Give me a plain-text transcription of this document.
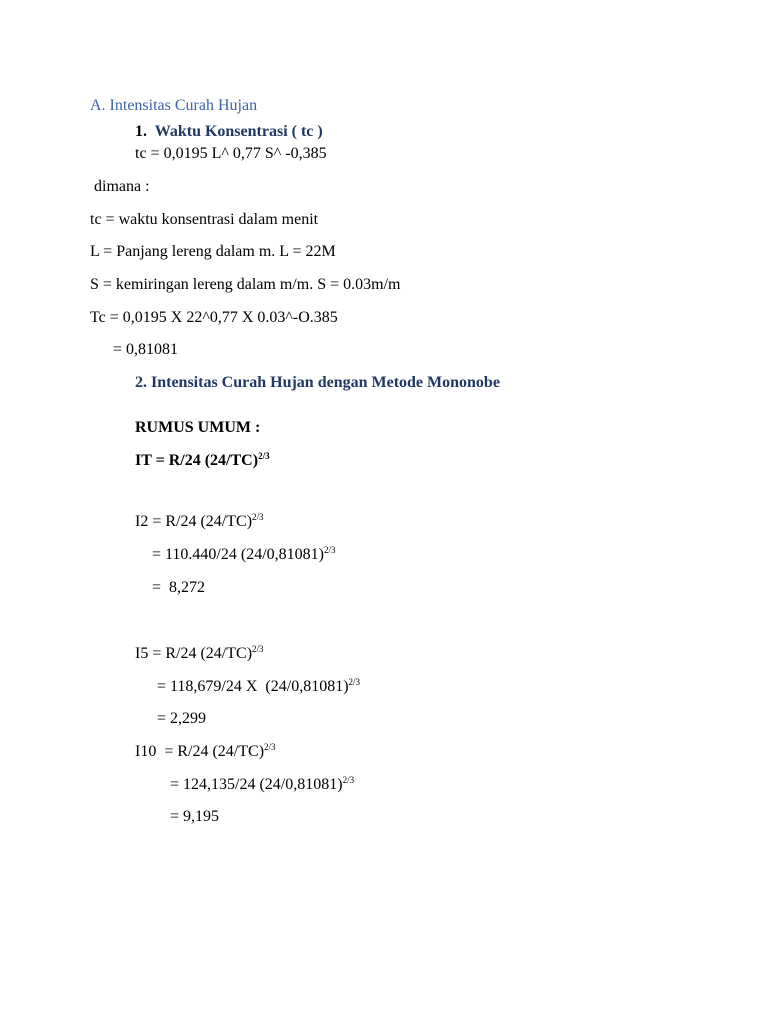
A. Intensitas Curah Hujan
1. Waktu Konsentrasi ( tc )
tc = 0,0195 L^ 0,77 S^ -0,385
dimana :
tc = waktu konsentrasi dalam menit
L = Panjang lereng dalam m. L = 22M
S = kemiringan lereng dalam m/m. S = 0.03m/m
Tc = 0,0195 X 22^0,77 X 0.03^-O.385
= 0,81081
2. Intensitas Curah Hujan dengan Metode Mononobe
RUMUS UMUM :
IT = R/24 $(24/TC)^{2/3}$
I2 = R/24 $(24/TC)^{2/3}$
= 110.440/24 $(24/0,81081)^{2/3}$
=  8,272
I5 = R/24 $(24/TC)^{2/3}$
= 118,679/24 X  $(24/0,81081)^{2/3}$
= 2,299
I10  = R/24 $(24/TC)^{2/3}$
= 124,135/24 $(24/0,81081)^{2/3}$
= 9,195
